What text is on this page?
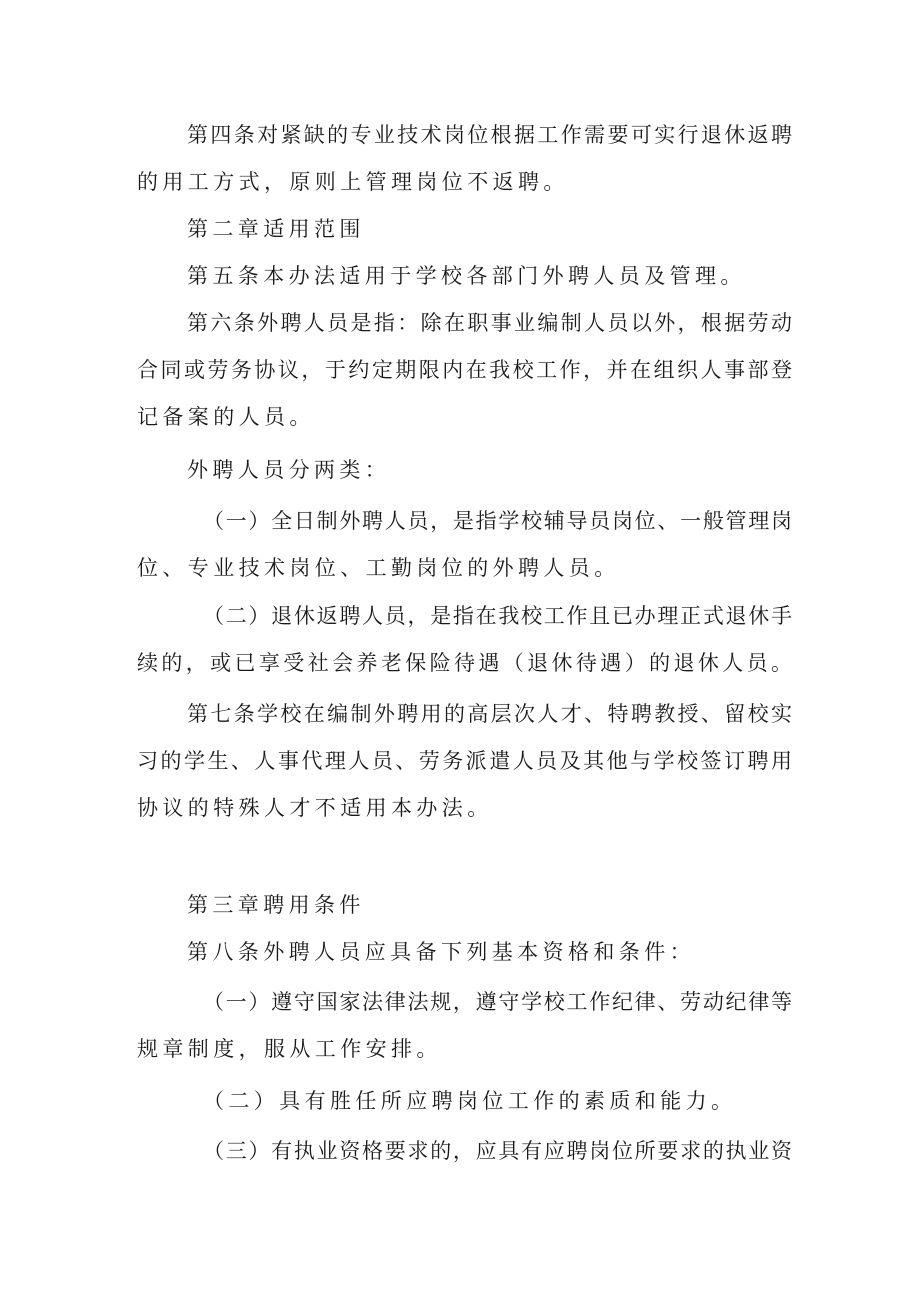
第四条对紧缺的专业技术岗位根据工作需要可实行退休返聘

的用工方式，原则上管理岗位不返聘。

第二章适用范围

第五条本办法适用于学校各部门外聘人员及管理。

第六条外聘人员是指：除在职事业编制人员以外，根据劳动

合同或劳务协议，于约定期限内在我校工作，并在组织人事部登

记备案的人员。

外聘人员分两类：

（一）全日制外聘人员，是指学校辅导员岗位、一般管理岗

位、专业技术岗位、工勤岗位的外聘人员。

（二）退休返聘人员，是指在我校工作且已办理正式退休手

续的，或已享受社会养老保险待遇（退休待遇）的退休人员。

第七条学校在编制外聘用的高层次人才、特聘教授、留校实

习的学生、人事代理人员、劳务派遣人员及其他与学校签订聘用

协议的特殊人才不适用本办法。

第三章聘用条件

第八条外聘人员应具备下列基本资格和条件：

（一）遵守国家法律法规，遵守学校工作纪律、劳动纪律等

规章制度，服从工作安排。

（二）具有胜任所应聘岗位工作的素质和能力。

（三）有执业资格要求的，应具有应聘岗位所要求的执业资
